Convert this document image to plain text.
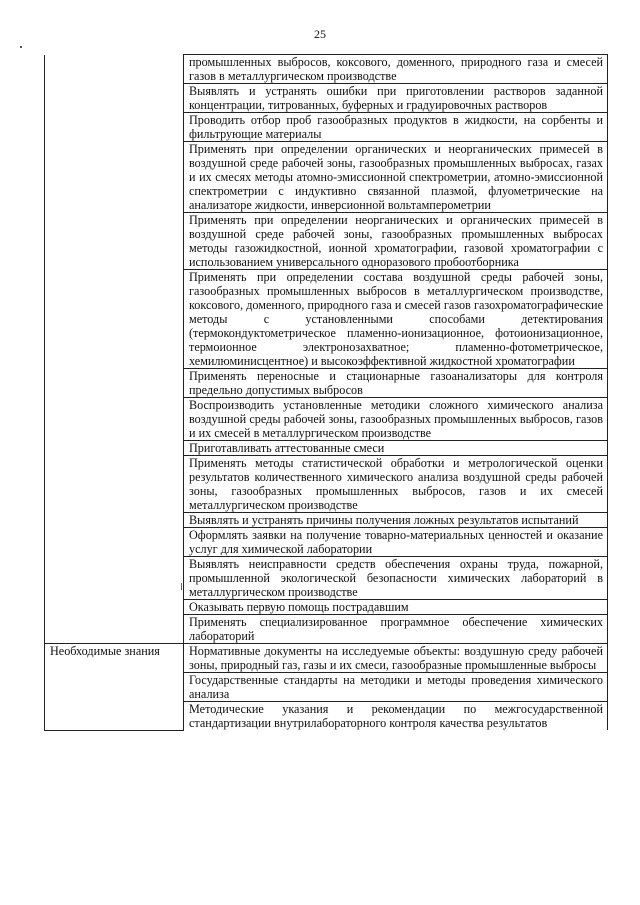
25

	промышленных выбросов, коксового, доменного, природного газа и смесей газов в металлургическом производстве

	Выявлять и устранять ошибки при приготовлении растворов заданной концентрации, титрованных, буферных и градуировочных растворов

	Проводить отбор проб газообразных продуктов в жидкости, на сорбенты и фильтрующие материалы

	Применять при определении органических и неорганических примесей в воздушной среде рабочей зоны, газообразных промышленных выбросах, газах и их смесях методы атомно-эмиссионной спектрометрии, атомно-эмиссионной спектрометрии с индуктивно связанной плазмой, флуометрические на анализаторе жидкости, инверсионной вольтамперометрии

	Применять при определении неорганических и органических примесей в воздушной среде рабочей зоны, газообразных промышленных выбросах методы газожидкостной, ионной хроматографии, газовой хроматографии с использованием универсального одноразового пробоотборника

	Применять при определении состава воздушной среды рабочей зоны, газообразных промышленных выбросов в металлургическом производстве, коксового, доменного, природного газа и смесей газов газохроматографические методы с установленными способами детектирования (термокондуктометрическое пламенно-ионизационное, фотоионизационное, термоионное электронозахватное; пламенно-фотометрическое, хемилюминисцентное) и высокоэффективной жидкостной хроматографии

	Применять переносные и стационарные газоанализаторы для контроля предельно допустимых выбросов

	Воспроизводить установленные методики сложного химического анализа воздушной среды рабочей зоны, газообразных промышленных выбросов, газов и их смесей в металлургическом производстве

	Приготавливать аттестованные смеси

	Применять методы статистической обработки и метрологической оценки результатов количественного химического анализа воздушной среды рабочей зоны, газообразных промышленных выбросов, газов и их смесей металлургическом производстве

	Выявлять и устранять причины получения ложных результатов испытаний

	Оформлять заявки на получение товарно-материальных ценностей и оказание услуг для химической лаборатории

	Выявлять неисправности средств обеспечения охраны труда, пожарной, промышленной экологической безопасности химических лабораторий в металлургическом производстве

	Оказывать первую помощь пострадавшим

	Применять специализированное программное обеспечение химических лабораторий

Необходимые знания	Нормативные документы на исследуемые объекты: воздушную среду рабочей зоны, природный газ, газы и их смеси, газообразные промышленные выбросы

	Государственные стандарты на методики и методы проведения химического анализа

	Методические указания и рекомендации по межгосударственной стандартизации внутрилабораторного контроля качества результатов
